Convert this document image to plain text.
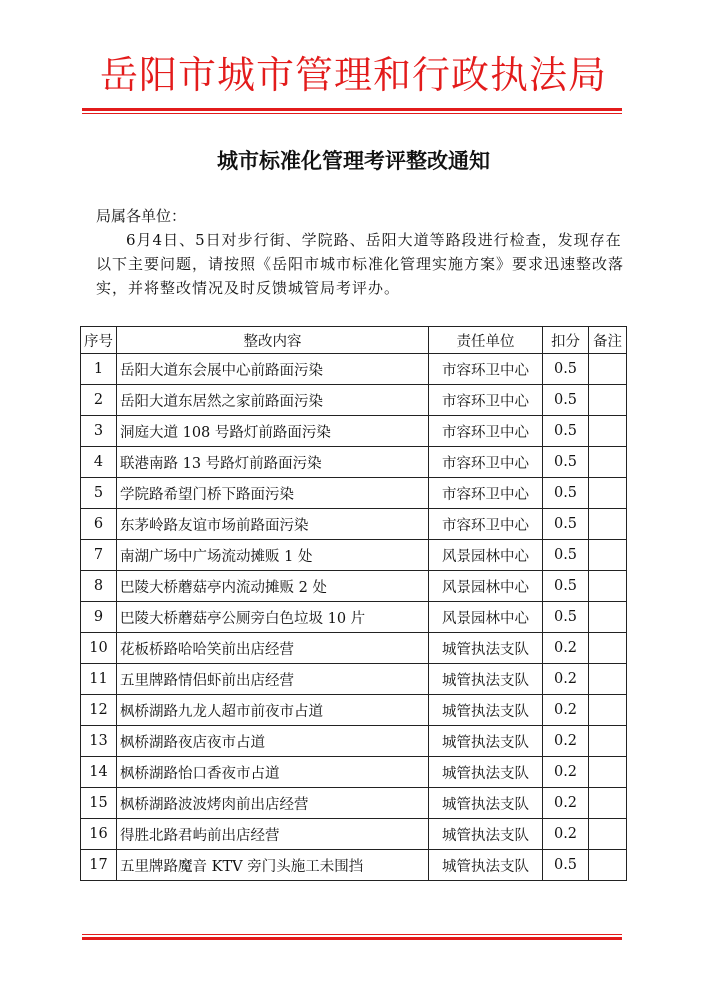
岳阳市城市管理和行政执法局
城市标准化管理考评整改通知
局属各单位：
6月4日、5日对步行街、学院路、岳阳大道等路段进行检查，发现存在以下主要问题，请按照《岳阳市城市标准化管理实施方案》要求迅速整改落实，并将整改情况及时反馈城管局考评办。
序号	整改内容	责任单位	扣分	备注
1	岳阳大道东会展中心前路面污染	市容环卫中心	0.5	
2	岳阳大道东居然之家前路面污染	市容环卫中心	0.5	
3	洞庭大道 108 号路灯前路面污染	市容环卫中心	0.5	
4	联港南路 13 号路灯前路面污染	市容环卫中心	0.5	
5	学院路希望门桥下路面污染	市容环卫中心	0.5	
6	东茅岭路友谊市场前路面污染	市容环卫中心	0.5	
7	南湖广场中广场流动摊贩 1 处	风景园林中心	0.5	
8	巴陵大桥蘑菇亭内流动摊贩 2 处	风景园林中心	0.5	
9	巴陵大桥蘑菇亭公厕旁白色垃圾 10 片	风景园林中心	0.5	
10	花板桥路哈哈笑前出店经营	城管执法支队	0.2	
11	五里牌路情侣虾前出店经营	城管执法支队	0.2	
12	枫桥湖路九龙人超市前夜市占道	城管执法支队	0.2	
13	枫桥湖路夜店夜市占道	城管执法支队	0.2	
14	枫桥湖路怡口香夜市占道	城管执法支队	0.2	
15	枫桥湖路波波烤肉前出店经营	城管执法支队	0.2	
16	得胜北路君屿前出店经营	城管执法支队	0.2	
17	五里牌路魔音 KTV 旁门头施工未围挡	城管执法支队	0.5	
